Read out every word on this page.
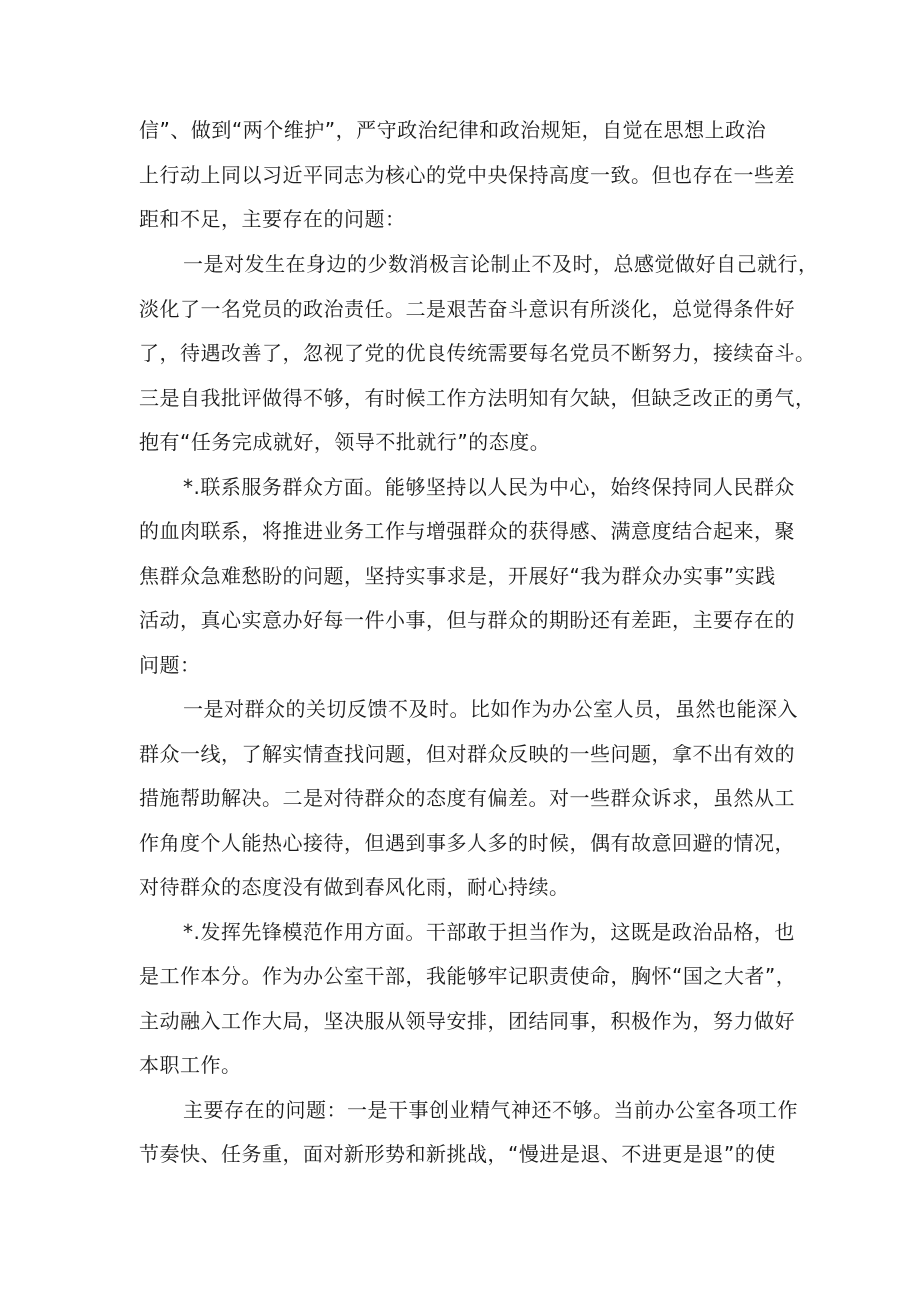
信”、做到“两个维护”，严守政治纪律和政治规矩，自觉在思想上政治
上行动上同以习近平同志为核心的党中央保持高度一致。但也存在一些差
距和不足，主要存在的问题：
一是对发生在身边的少数消极言论制止不及时，总感觉做好自己就行，
淡化了一名党员的政治责任。二是艰苦奋斗意识有所淡化，总觉得条件好
了，待遇改善了，忽视了党的优良传统需要每名党员不断努力，接续奋斗。
三是自我批评做得不够，有时候工作方法明知有欠缺，但缺乏改正的勇气，
抱有“任务完成就好，领导不批就行”的态度。
*.联系服务群众方面。能够坚持以人民为中心，始终保持同人民群众
的血肉联系，将推进业务工作与增强群众的获得感、满意度结合起来，聚
焦群众急难愁盼的问题，坚持实事求是，开展好“我为群众办实事”实践
活动，真心实意办好每一件小事，但与群众的期盼还有差距，主要存在的
问题：
一是对群众的关切反馈不及时。比如作为办公室人员，虽然也能深入
群众一线，了解实情查找问题，但对群众反映的一些问题，拿不出有效的
措施帮助解决。二是对待群众的态度有偏差。对一些群众诉求，虽然从工
作角度个人能热心接待，但遇到事多人多的时候，偶有故意回避的情况，
对待群众的态度没有做到春风化雨，耐心持续。
*.发挥先锋模范作用方面。干部敢于担当作为，这既是政治品格，也
是工作本分。作为办公室干部，我能够牢记职责使命，胸怀“国之大者”，
主动融入工作大局，坚决服从领导安排，团结同事，积极作为，努力做好
本职工作。
主要存在的问题：一是干事创业精气神还不够。当前办公室各项工作
节奏快、任务重，面对新形势和新挑战，“慢进是退、不进更是退”的使
